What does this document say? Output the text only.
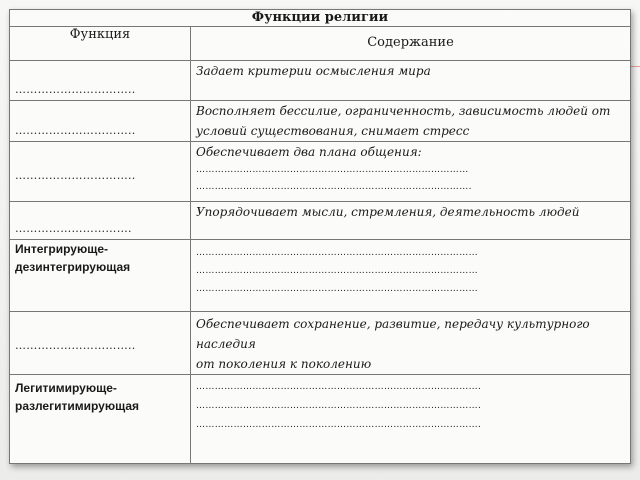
Функции религии	
Функция	Содержание
…………………………..	Задает критерии осмысления мира

…………………………..	Восполняет бессилие, ограниченность, зависимость людей от
условий существования, снимает стресс

…………………………..	Обеспечивает два плана общения:
……………………………………………………………………………
…………………………………………………………………………….

………………………….	Упорядочивает мысли, стремления, деятельность людей

Интегрирующе-дезинтегрирующая	………………………………………………………………………………
………………………………………………………………………………
………………………………………………………………………………

…………………………..	Обеспечивает сохранение, развитие, передачу культурного наследия
от поколения к поколению

Легитимирующе-разлегитимирующая	……………………………………………………………………………….
……………………………………………………………………………….
……………………………………………………………………………….
